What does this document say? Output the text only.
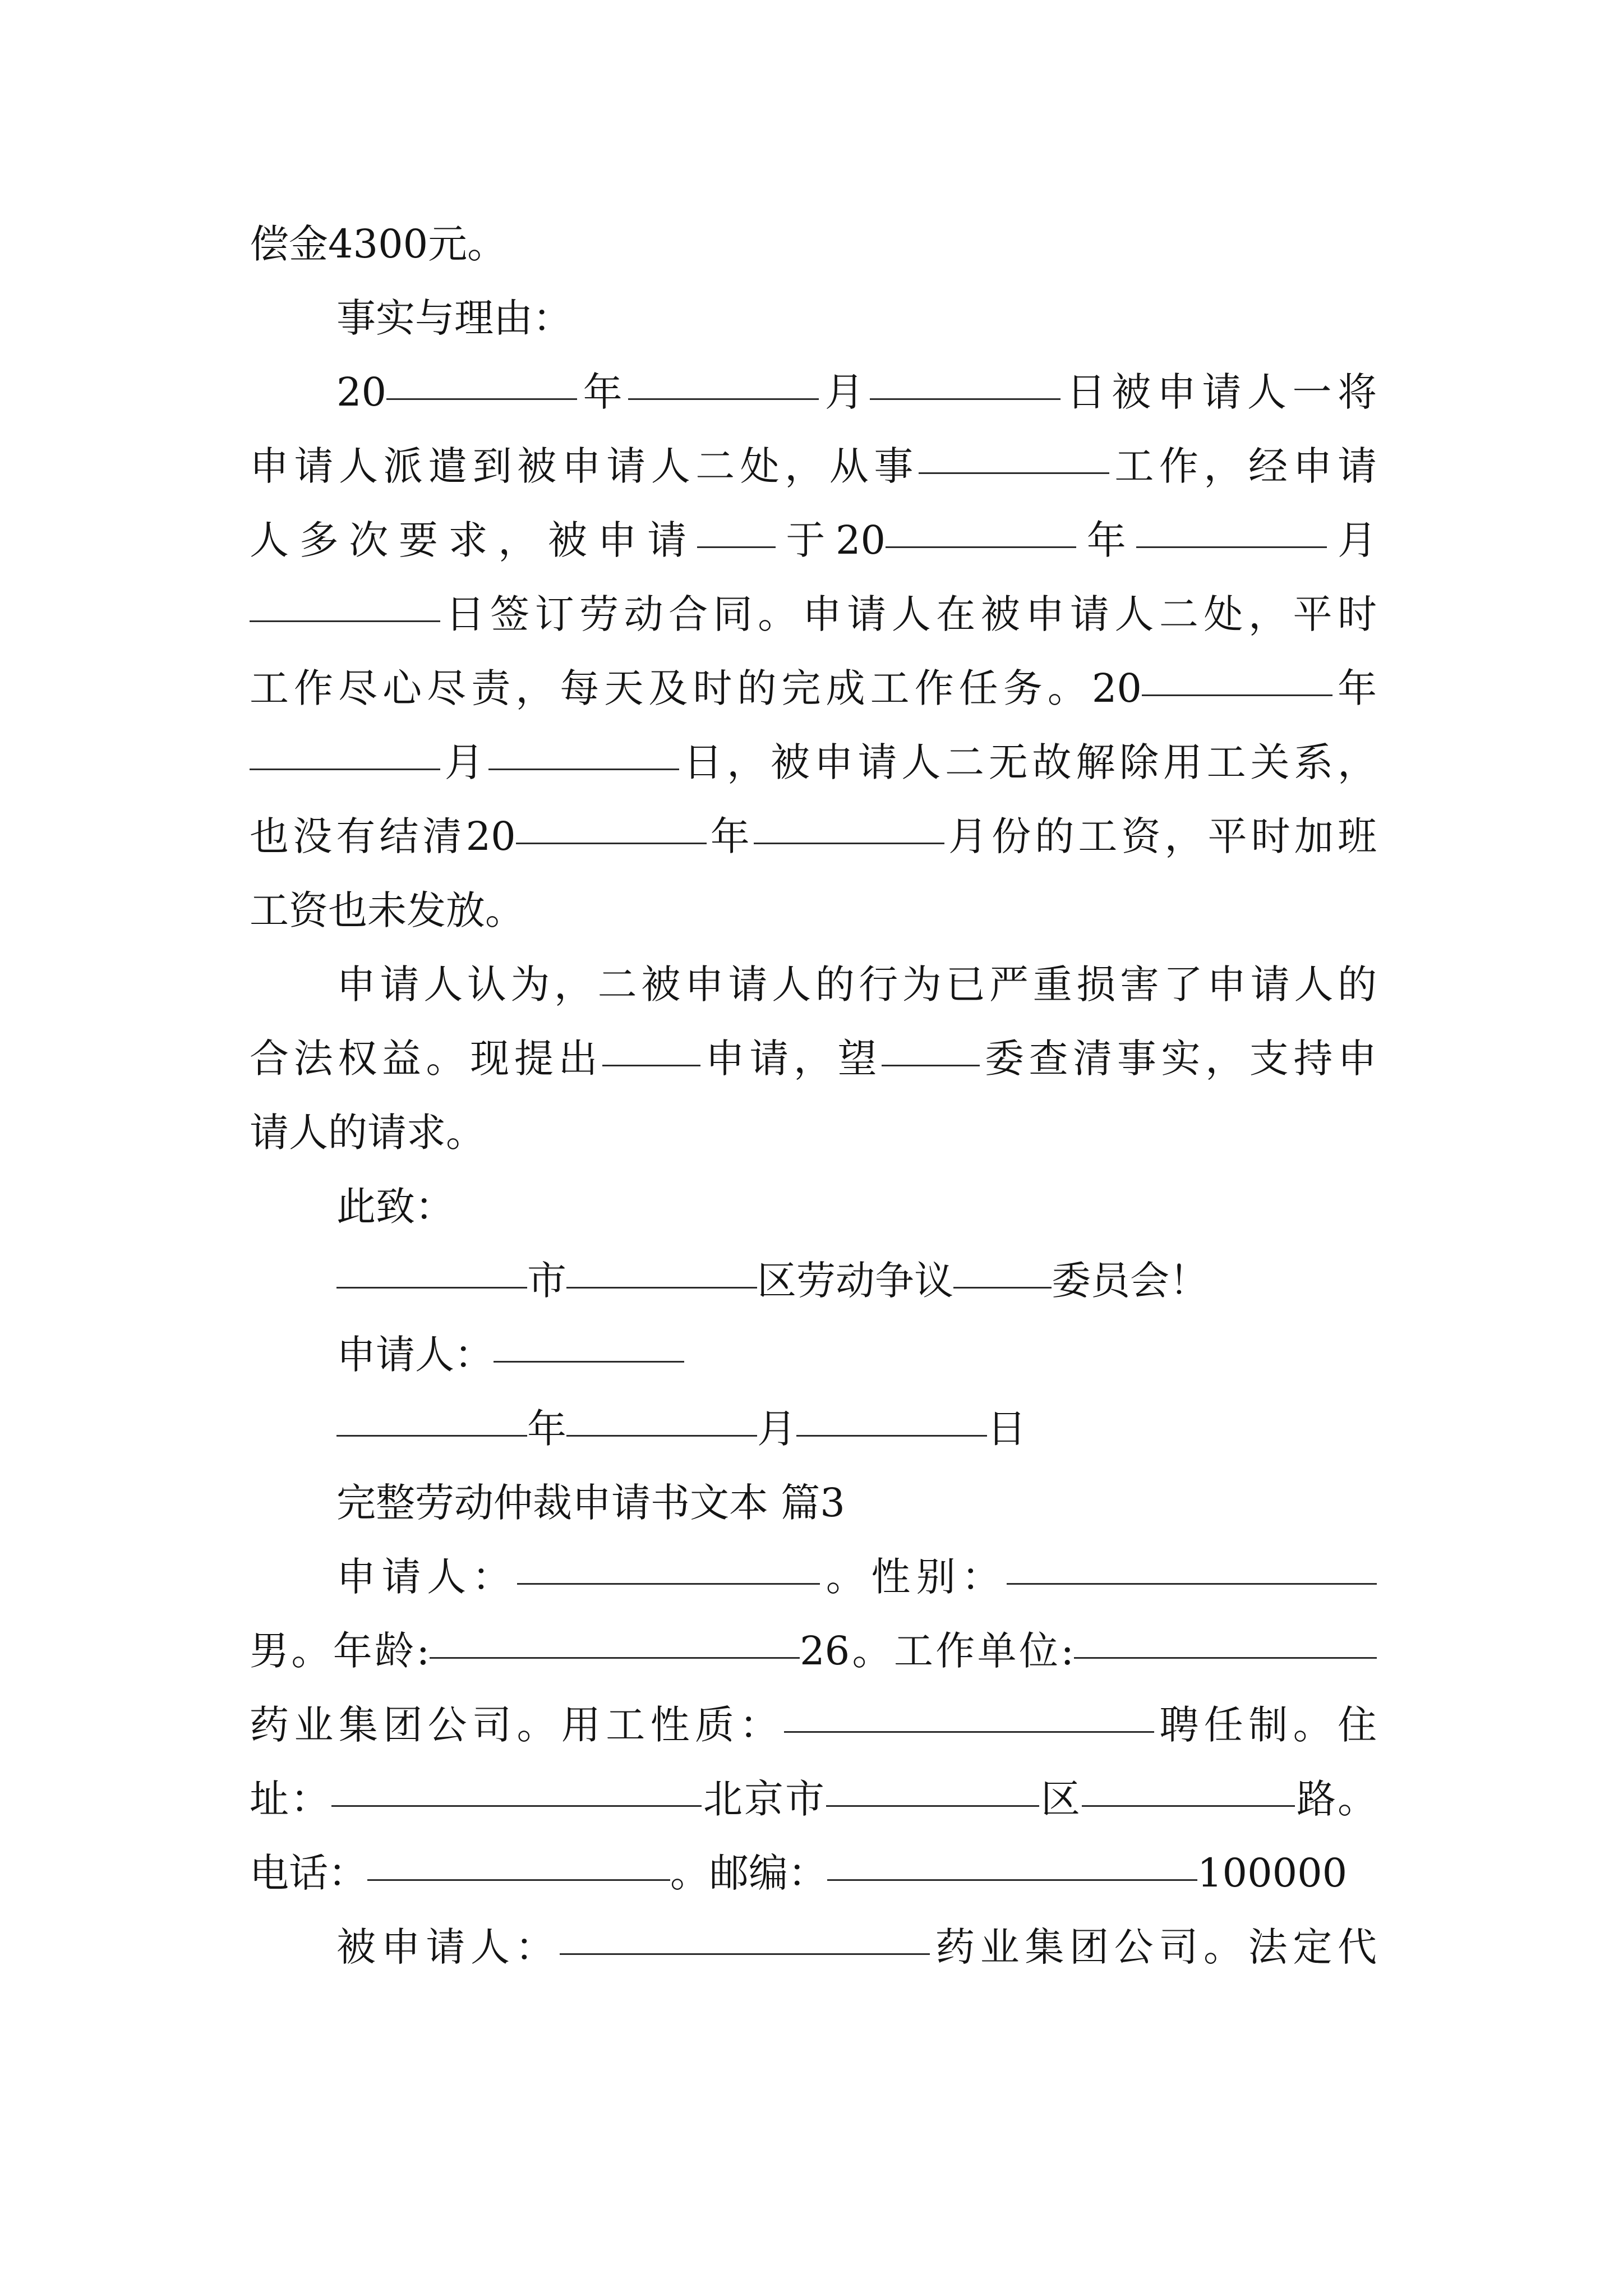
偿金4300元。
事实与理由：
20	年	月	日被申请人一将
申请人派遣到被申请人二处，从事	工作，经申请
人多次要求，被申请 于20	年	月
日签订劳动合同。申请人在被申请人二处，平时
工作尽心尽责，每天及时的完成工作任务。20	年
月	日，被申请人二无故解除用工关系，
也没有结清20	年	月份的工资，平时加班
工资也未发放。
申请人认为，二被申请人的行为已严重损害了申请人的
合法权益。现提出	申请，望	委查清事实，支持申
请人的请求。
此致：
市	区劳动争议	委员会！
申请人：
年	月	日
完整劳动仲裁申请书文本 篇3
申请人：	。性别：
男。年龄:	26。工作单位:
药业集团公司。用工性质：	聘任制。住
址：	北京市	区	路。
电话：	。邮编：	100000
被申请人：	药业集团公司。法定代
